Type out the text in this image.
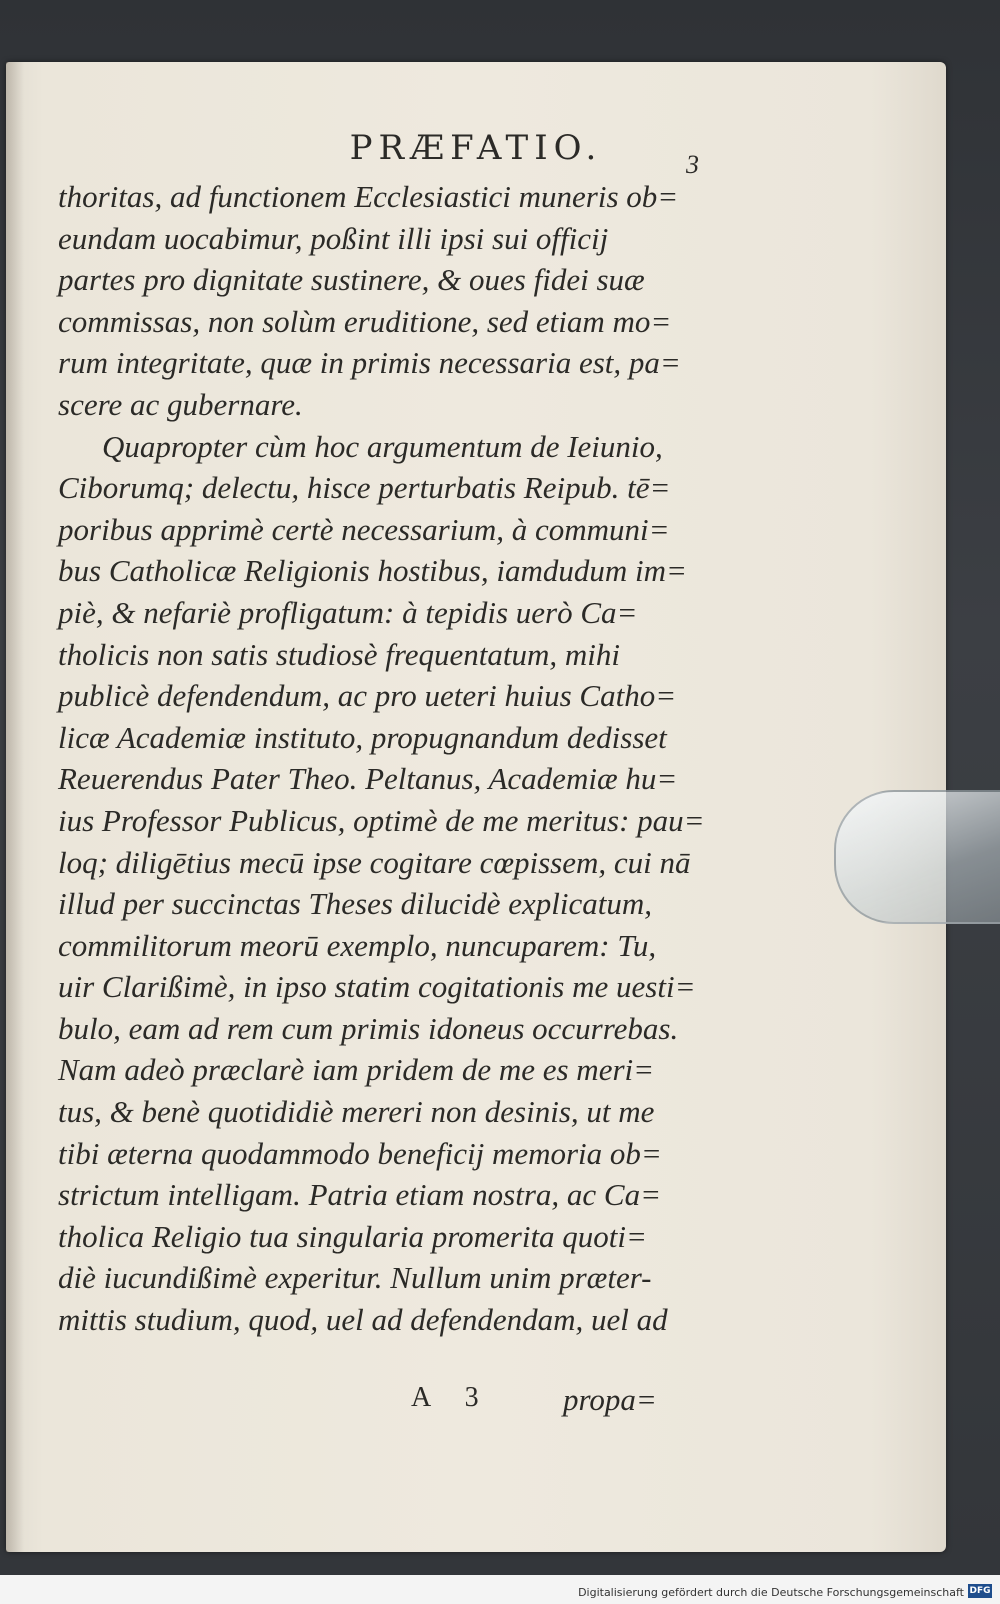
PRÆFATIO.	3
thoritas, ad functionem Ecclesiastici muneris ob=
eundam uocabimur, poßint illi ipsi sui officij
partes pro dignitate sustinere, & oues fidei suæ
commissas, non solùm eruditione, sed etiam mo=
rum integritate, quæ in primis necessaria est, pa=
scere ac gubernare.
Quapropter cùm hoc argumentum de Ieiunio,
Ciborumq; delectu, hisce perturbatis Reipub. tē=
poribus apprimè certè necessarium, à communi=
bus Catholicæ Religionis hostibus, iamdudum im=
piè, & nefariè profligatum: à tepidis uerò Ca=
tholicis non satis studiosè frequentatum, mihi
publicè defendendum, ac pro ueteri huius Catho=
licæ Academiæ instituto, propugnandum dedisset
Reuerendus Pater Theo. Peltanus, Academiæ hu=
ius Professor Publicus, optimè de me meritus: pau=
loq; diligētius mecū ipse cogitare cœpissem, cui nā
illud per succinctas Theses dilucidè explicatum,
commilitorum meorū exemplo, nuncuparem: Tu,
uir Clarißimè, in ipso statim cogitationis me uesti=
bulo, eam ad rem cum primis idoneus occurrebas.
Nam adeò præclarè iam pridem de me es meri=
tus, & benè quotididiè mereri non desinis, ut me
tibi æterna quodammodo beneficij memoria ob=
strictum intelligam. Patria etiam nostra, ac Ca=
tholica Religio tua singularia promerita quoti=
diè iucundißimè experitur. Nullum unim præter-
mittis studium, quod, uel ad defendendam, uel ad
A 3 propa=
Digitalisierung gefördert durch die Deutsche Forschungsgemeinschaft DFG
